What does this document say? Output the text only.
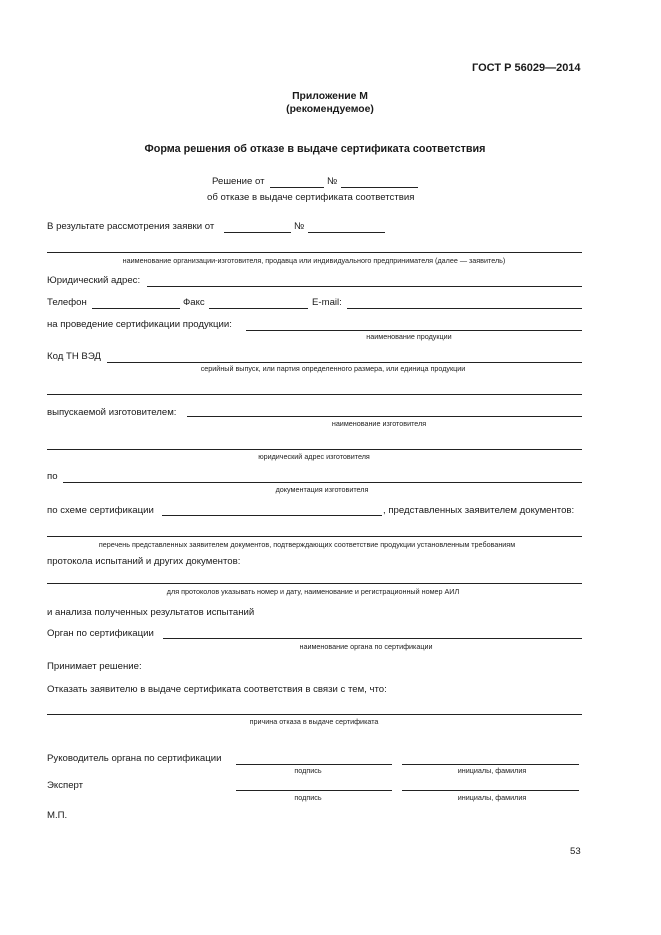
ГОСТ Р 56029—2014
Приложение М
(рекомендуемое)
Форма решения об отказе в выдаче сертификата соответствия
Решение от	№
об отказе в выдаче сертификата соответствия
В результате рассмотрения заявки от	№
наименование организации-изготовителя, продавца или индивидуального предпринимателя (далее — заявитель)
Юридический адрес:
Телефон	Факс	E-mail:
на проведение сертификации продукции:
наименование продукции
Код ТН ВЭД
серийный выпуск, или партия определенного размера, или единица продукции
выпускаемой изготовителем:
наименование изготовителя
юридический адрес изготовителя
по
документация изготовителя
по схеме сертификации	, представленных заявителем документов:
перечень представленных заявителем документов, подтверждающих соответствие продукции установленным требованиям
протокола испытаний и других документов:
для протоколов указывать номер и дату, наименование и регистрационный номер АИЛ
и анализа полученных результатов испытаний
Орган по сертификации
наименование органа по сертификации
Принимает решение:
Отказать заявителю в выдаче сертификата соответствия в связи с тем, что:
причина отказа в выдаче сертификата
Руководитель органа по сертификации
подпись	инициалы, фамилия
Эксперт
подпись	инициалы, фамилия
М.П.
53
